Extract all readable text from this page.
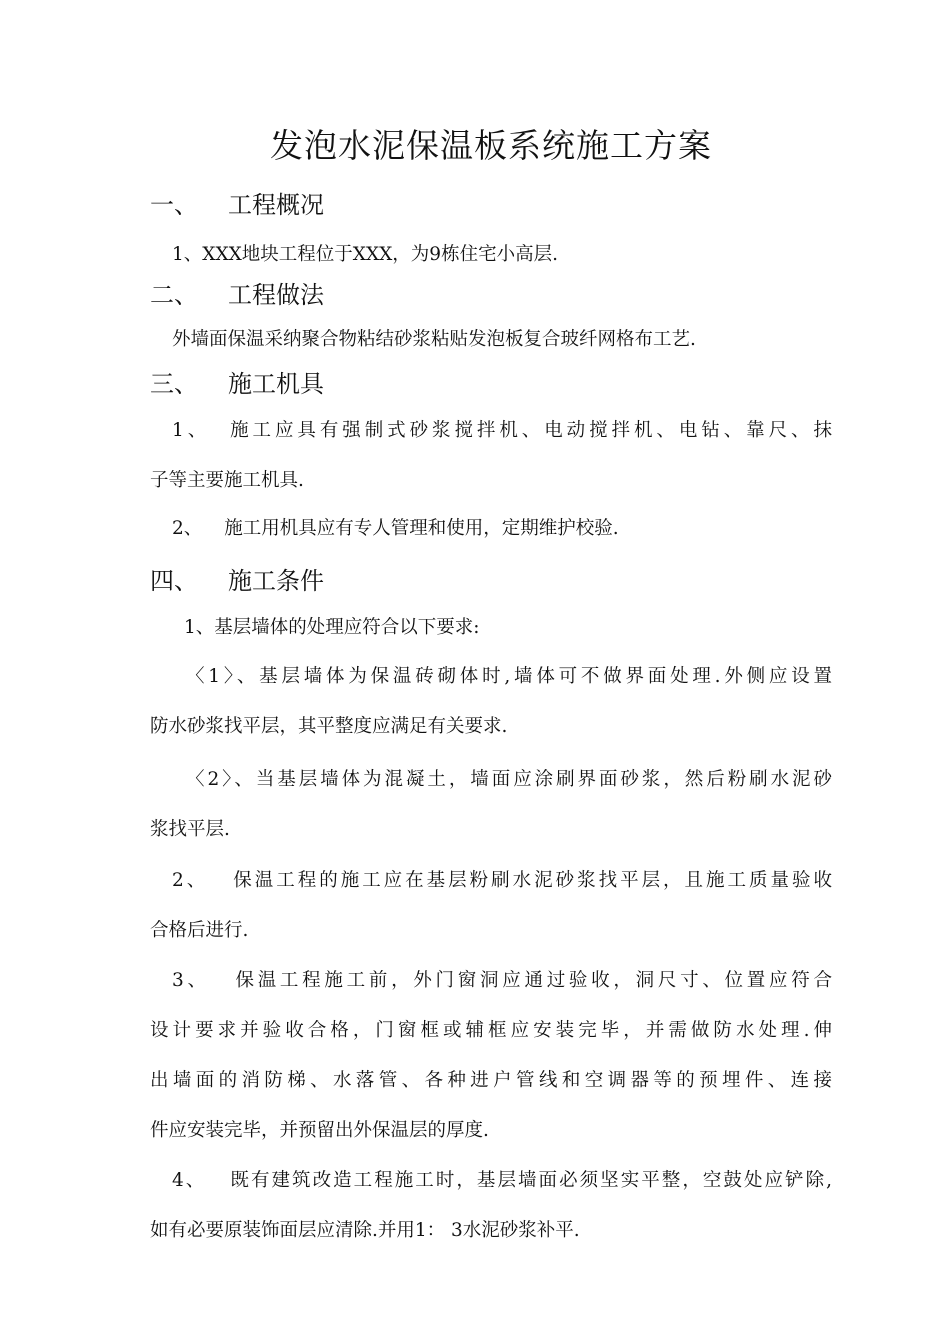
发泡水泥保温板系统施工方案
一、 工程概况
1、XXX地块工程位于XXX，为9栋住宅小高层.
二、 工程做法
外墙面保温采纳聚合物粘结砂浆粘贴发泡板复合玻纤网格布工艺.
三、 施工机具
1、 施工应具有强制式砂浆搅拌机、电动搅拌机、电钻、靠尺、抹
子等主要施工机具.
2、 施工用机具应有专人管理和使用，定期维护校验.
四、 施工条件
1、基层墙体的处理应符合以下要求:
〈1〉、基层墙体为保温砖砌体时,墙体可不做界面处理.外侧应设置
防水砂浆找平层，其平整度应满足有关要求.
〈2〉、当基层墙体为混凝土，墙面应涂刷界面砂浆，然后粉刷水泥砂
浆找平层.
2、 保温工程的施工应在基层粉刷水泥砂浆找平层，且施工质量验收
合格后进行.
3、 保温工程施工前，外门窗洞应通过验收，洞尺寸、位置应符合
设计要求并验收合格，门窗框或辅框应安装完毕，并需做防水处理.伸
出墙面的消防梯、水落管、各种进户管线和空调器等的预埋件、连接
件应安装完毕，并预留出外保温层的厚度.
4、 既有建筑改造工程施工时，基层墙面必须坚实平整，空鼓处应铲除,
如有必要原装饰面层应清除.并用1： 3水泥砂浆补平.
